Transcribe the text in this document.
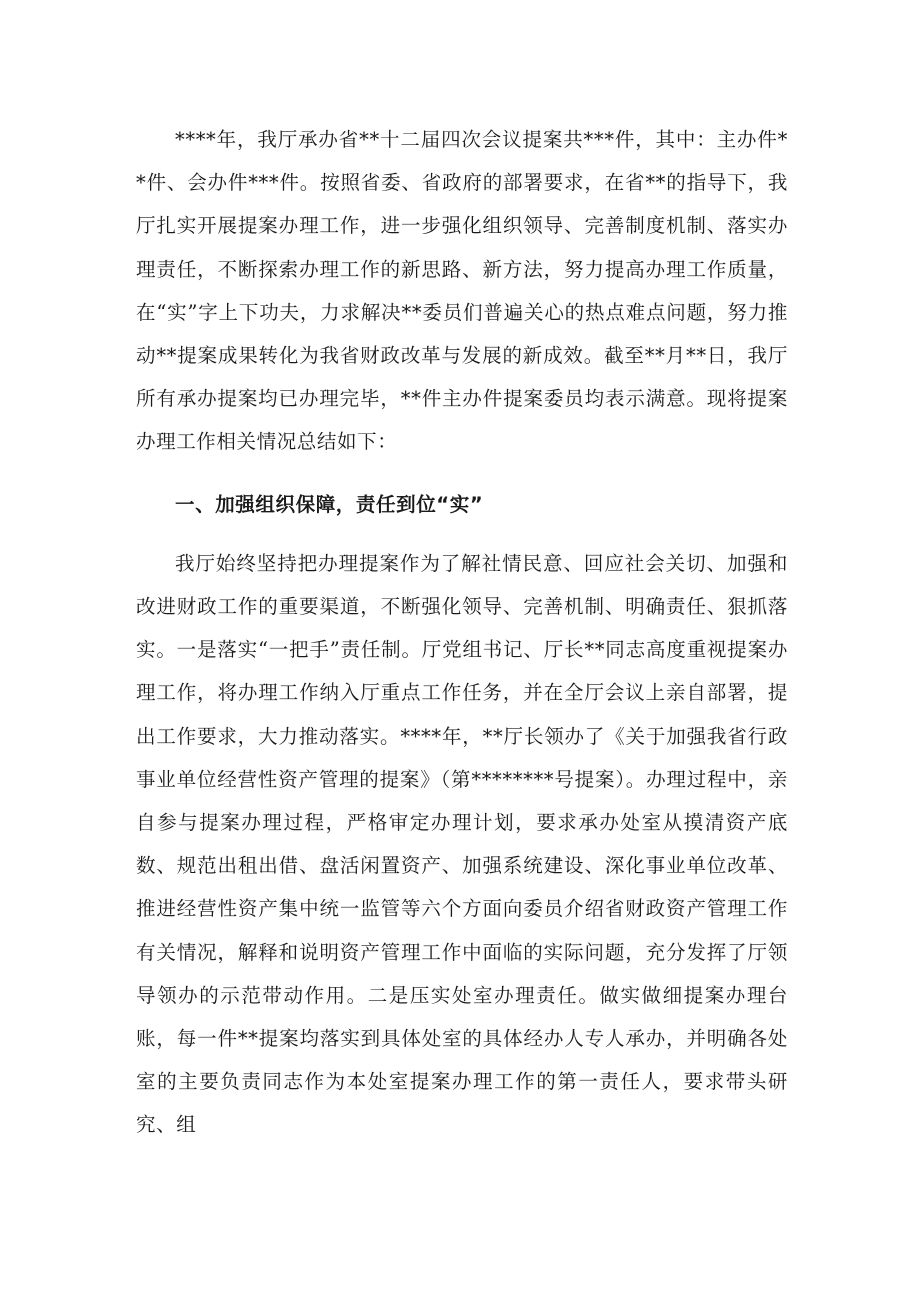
****年，我厅承办省**十二届四次会议提案共***件，其中：主办件**件、会办件***件。按照省委、省政府的部署要求，在省**的指导下，我厅扎实开展提案办理工作，进一步强化组织领导、完善制度机制、落实办理责任，不断探索办理工作的新思路、新方法，努力提高办理工作质量，在“实”字上下功夫，力求解决**委员们普遍关心的热点难点问题，努力推动**提案成果转化为我省财政改革与发展的新成效。截至**月**日，我厅所有承办提案均已办理完毕，**件主办件提案委员均表示满意。现将提案办理工作相关情况总结如下：

一、加强组织保障，责任到位“实”

我厅始终坚持把办理提案作为了解社情民意、回应社会关切、加强和改进财政工作的重要渠道，不断强化领导、完善机制、明确责任、狠抓落实。一是落实“一把手”责任制。厅党组书记、厅长**同志高度重视提案办理工作，将办理工作纳入厅重点工作任务，并在全厅会议上亲自部署，提出工作要求，大力推动落实。****年，**厅长领办了《关于加强我省行政事业单位经营性资产管理的提案》（第********号提案）。办理过程中，亲自参与提案办理过程，严格审定办理计划，要求承办处室从摸清资产底数、规范出租出借、盘活闲置资产、加强系统建设、深化事业单位改革、推进经营性资产集中统一监管等六个方面向委员介绍省财政资产管理工作有关情况，解释和说明资产管理工作中面临的实际问题，充分发挥了厅领导领办的示范带动作用。二是压实处室办理责任。做实做细提案办理台账，每一件**提案均落实到具体处室的具体经办人专人承办，并明确各处室的主要负责同志作为本处室提案办理工作的第一责任人，要求带头研究、组
